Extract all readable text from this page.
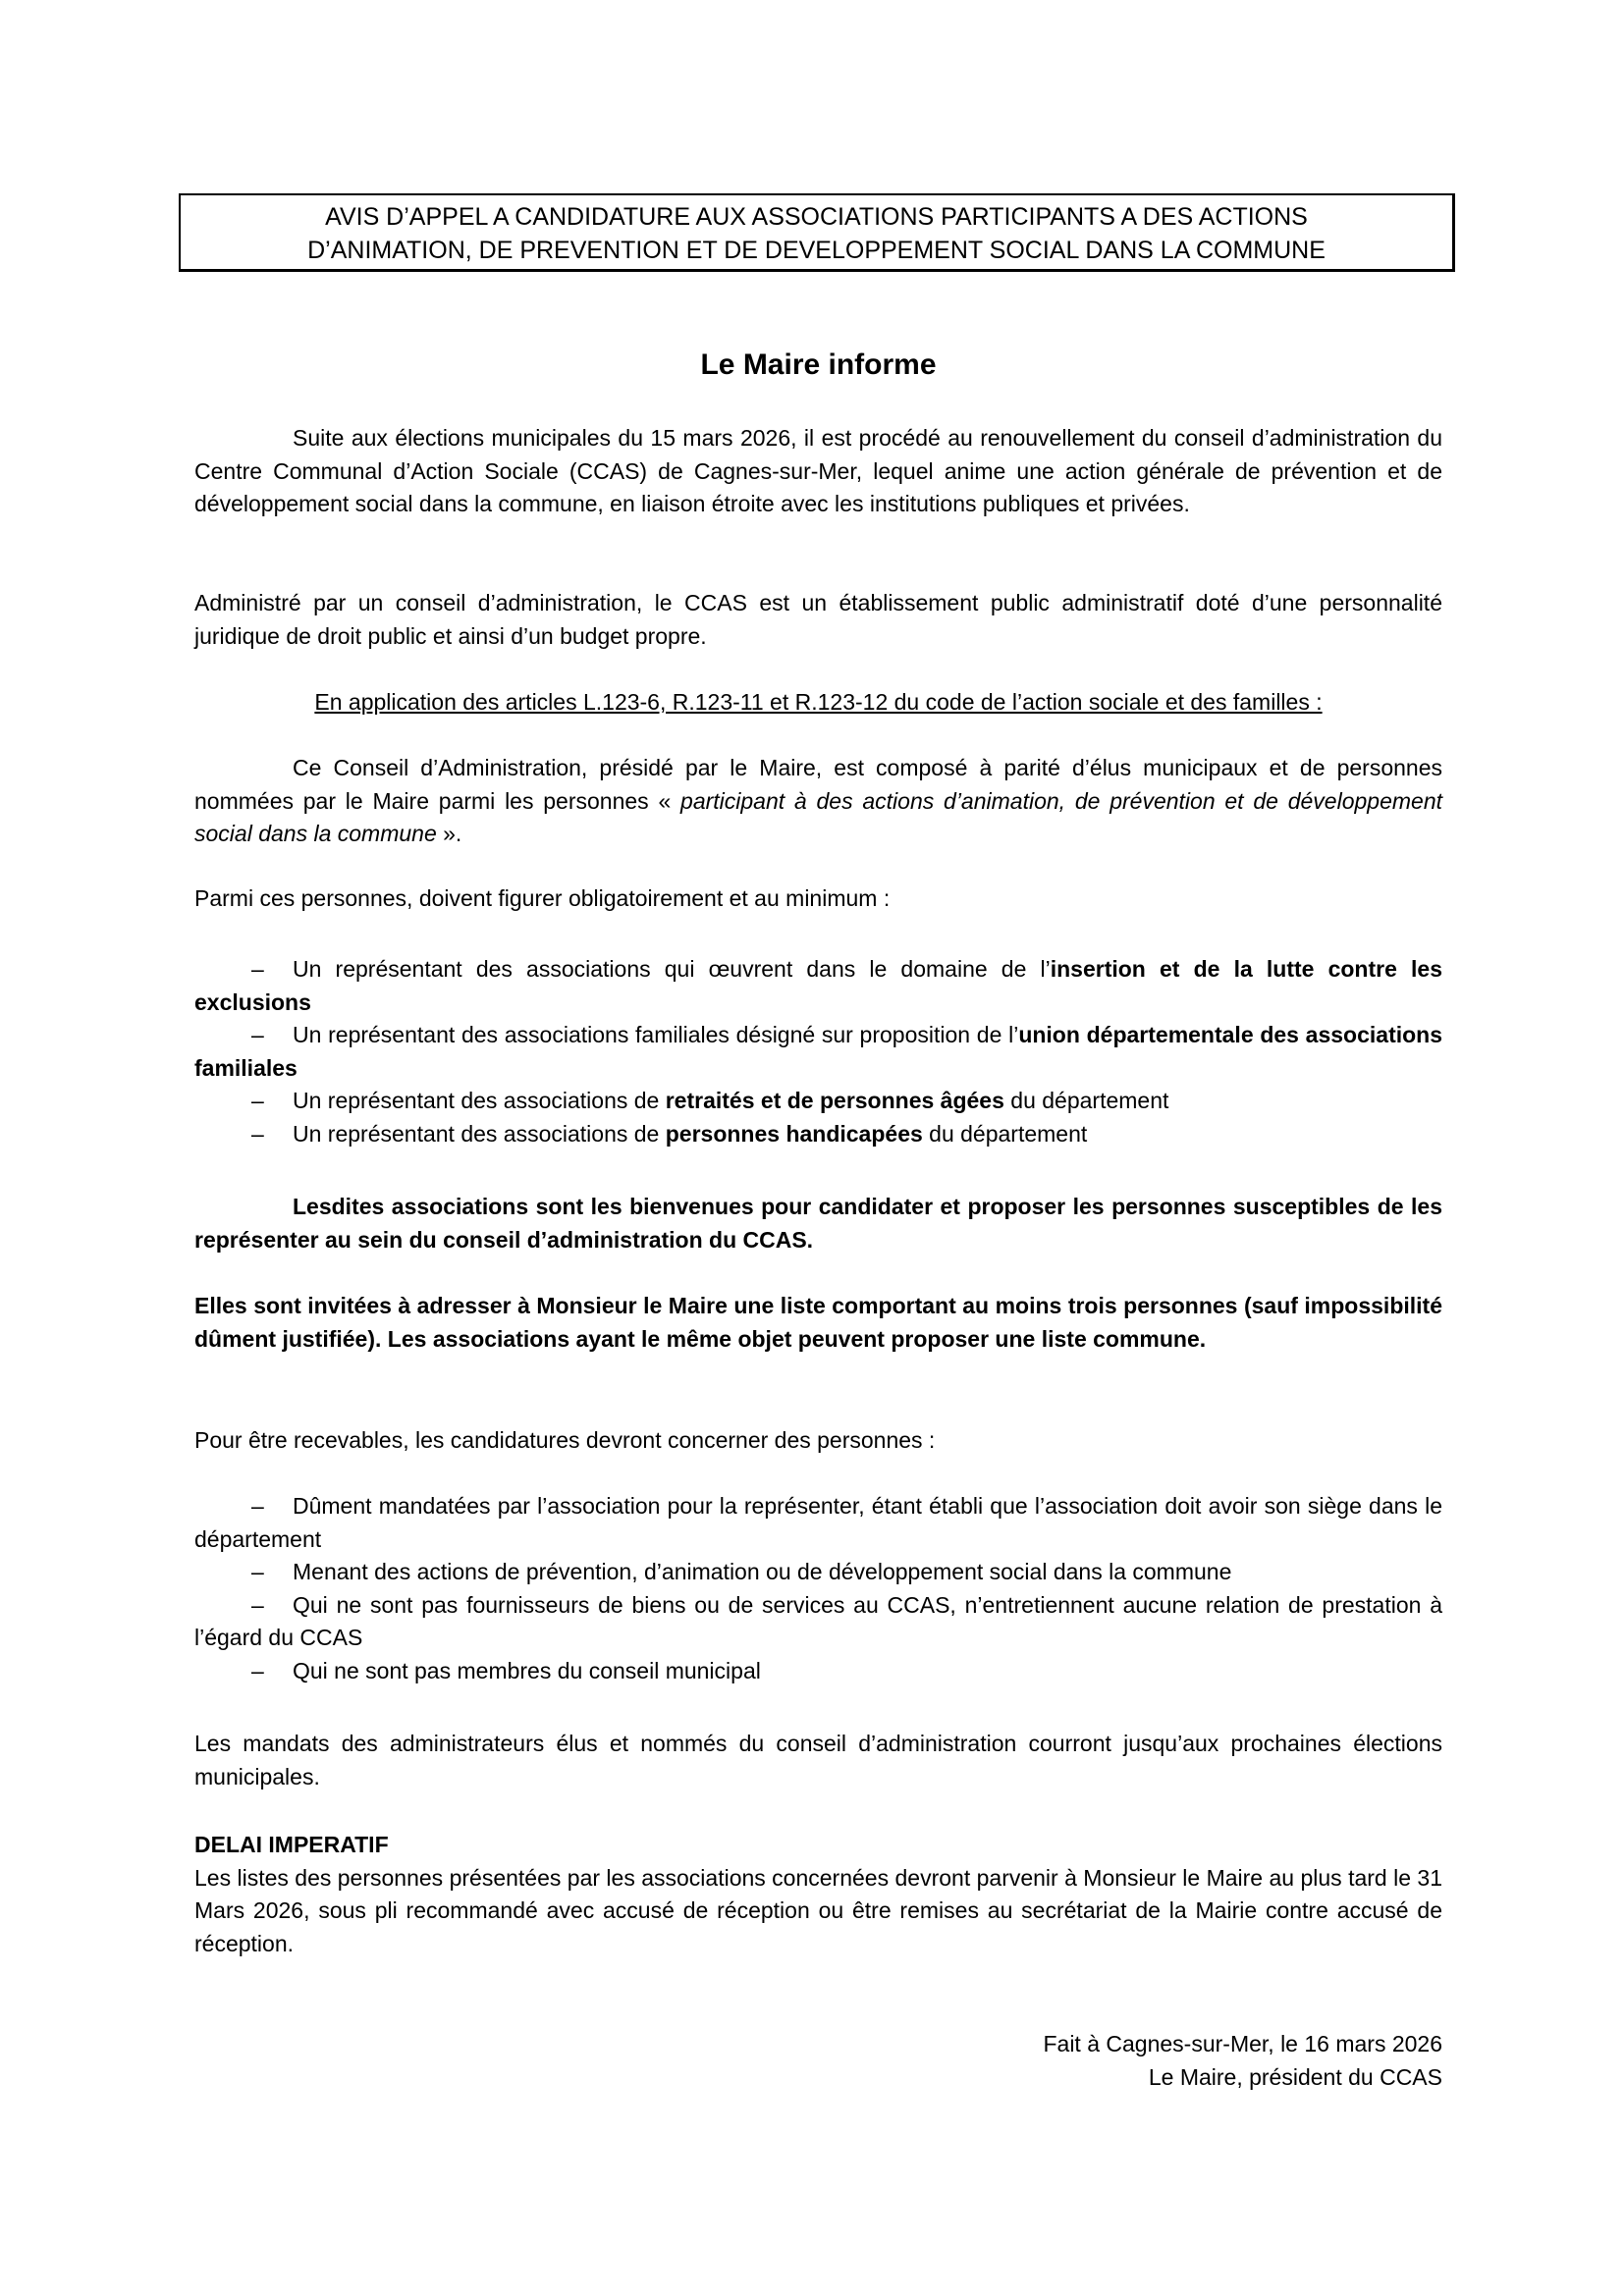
AVIS D’APPEL A CANDIDATURE AUX ASSOCIATIONS PARTICIPANTS A DES ACTIONS
D’ANIMATION, DE PREVENTION ET DE DEVELOPPEMENT SOCIAL DANS LA COMMUNE
Le Maire informe

Suite aux élections municipales du 15 mars 2026, il est procédé au renouvellement du conseil d’administration du Centre Communal d’Action Sociale (CCAS) de Cagnes-sur-Mer, lequel anime une action générale de prévention et de développement social dans la commune, en liaison étroite avec les institutions publiques et privées.

Administré par un conseil d’administration, le CCAS est un établissement public administratif doté d’une personnalité juridique de droit public et ainsi d’un budget propre.

En application des articles L.123-6, R.123-11 et R.123-12 du code de l’action sociale et des familles :

Ce Conseil d’Administration, présidé par le Maire, est composé à parité d’élus municipaux et de personnes nommées par le Maire parmi les personnes « participant à des actions d’animation, de prévention et de développement social dans la commune ».

Parmi ces personnes, doivent figurer obligatoirement et au minimum :

– Un représentant des associations qui œuvrent dans le domaine de l’insertion et de la lutte contre les exclusions

– Un représentant des associations familiales désigné sur proposition de l’union départementale des associations familiales

– Un représentant des associations de retraités et de personnes âgées du département

– Un représentant des associations de personnes handicapées du département

Lesdites associations sont les bienvenues pour candidater et proposer les personnes susceptibles de les représenter au sein du conseil d’administration du CCAS.

Elles sont invitées à adresser à Monsieur le Maire une liste comportant au moins trois personnes (sauf impossibilité dûment justifiée). Les associations ayant le même objet peuvent proposer une liste commune.

Pour être recevables, les candidatures devront concerner des personnes :

– Dûment mandatées par l’association pour la représenter, étant établi que l’association doit avoir son siège dans le département

– Menant des actions de prévention, d’animation ou de développement social dans la commune

– Qui ne sont pas fournisseurs de biens ou de services au CCAS, n’entretiennent aucune relation de prestation à l’égard du CCAS

– Qui ne sont pas membres du conseil municipal

Les mandats des administrateurs élus et nommés du conseil d’administration courront jusqu’aux prochaines élections municipales.

DELAI IMPERATIF

Les listes des personnes présentées par les associations concernées devront parvenir à Monsieur le Maire au plus tard le 31 Mars 2026, sous pli recommandé avec accusé de réception ou être remises au secrétariat de la Mairie contre accusé de réception.

Fait à Cagnes-sur-Mer, le 16 mars 2026
Le Maire, président du CCAS
